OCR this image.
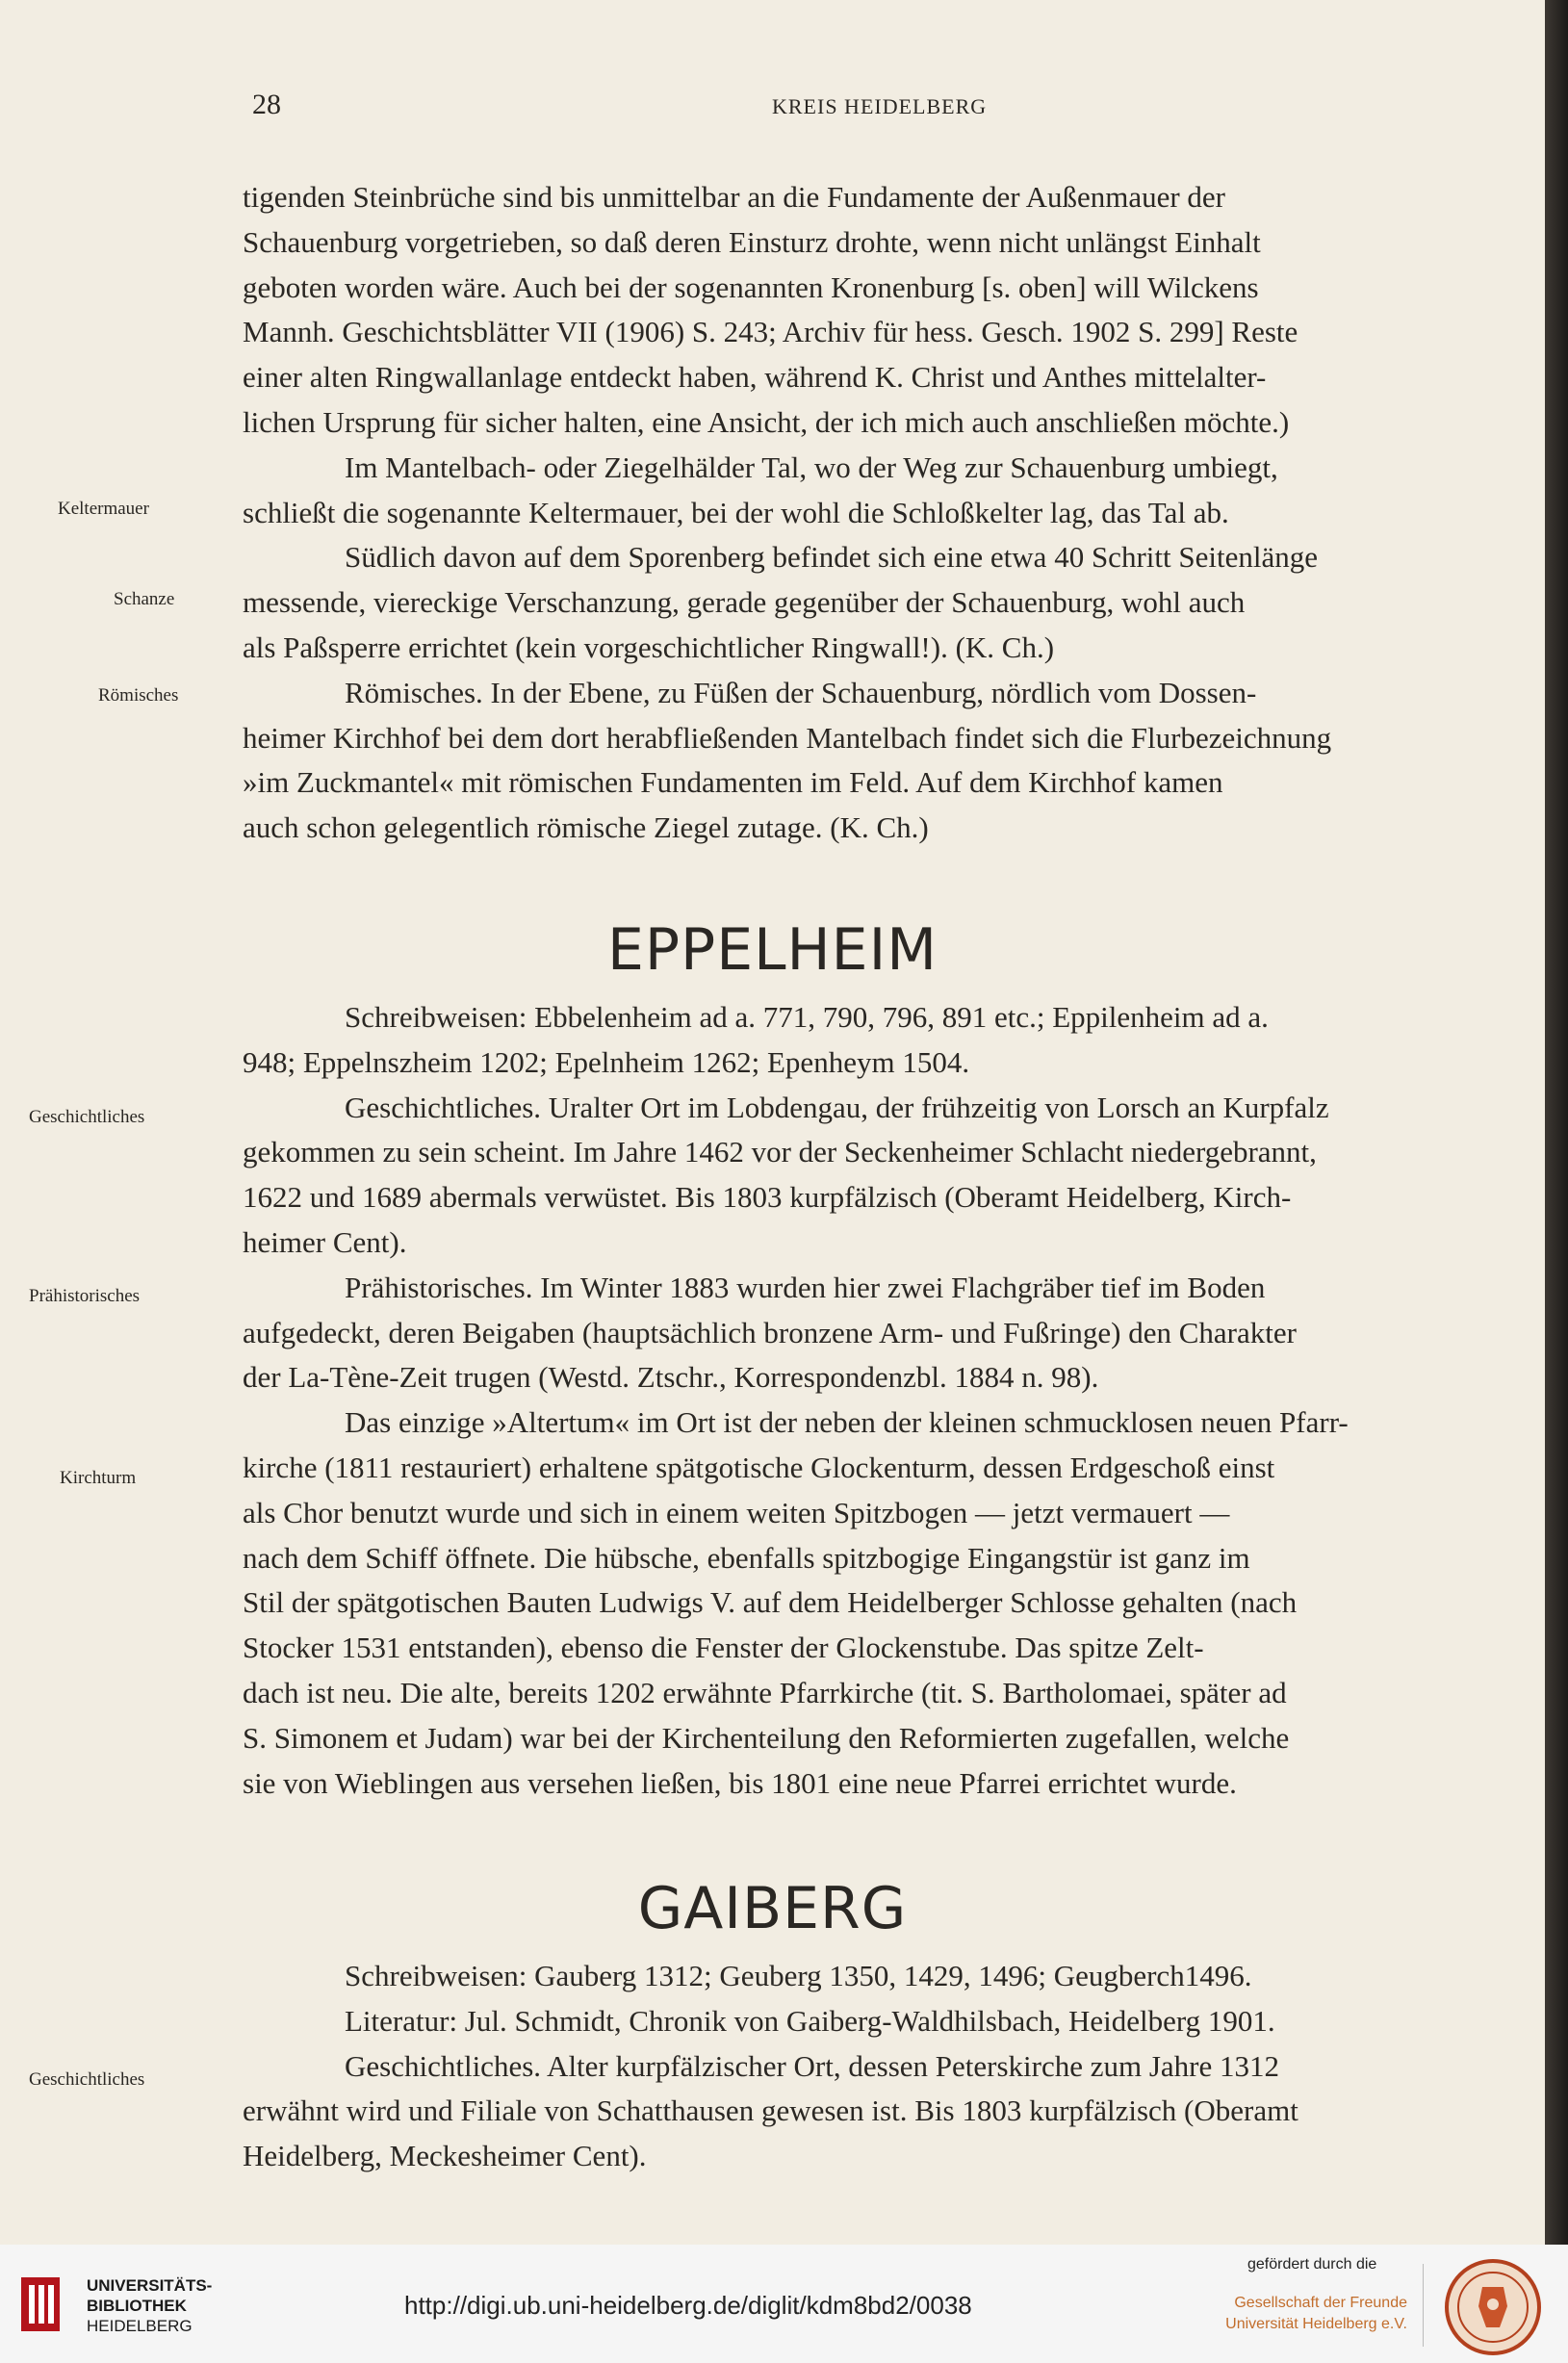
28	KREIS HEIDELBERG
Keltermauer
Schanze
Römisches
Geschichtliches
Prähistorisches
Kirchturm
Geschichtliches
tigenden Steinbrüche sind bis unmittelbar an die Fundamente der Außenmauer der
Schauenburg vorgetrieben, so daß deren Einsturz drohte, wenn nicht unlängst Einhalt
geboten worden wäre. Auch bei der sogenannten Kronenburg [s. oben] will Wilckens
Mannh. Geschichtsblätter VII (1906) S. 243; Archiv für hess. Gesch. 1902 S. 299] Reste
einer alten Ringwallanlage entdeckt haben, während K. Christ und Anthes mittelalter-
lichen Ursprung für sicher halten, eine Ansicht, der ich mich auch anschließen möchte.)
Im Mantelbach- oder Ziegelhälder Tal, wo der Weg zur Schauenburg umbiegt,
schließt die sogenannte Keltermauer, bei der wohl die Schloßkelter lag, das Tal ab.
Südlich davon auf dem Sporenberg befindet sich eine etwa 40 Schritt Seitenlänge
messende, viereckige Verschanzung, gerade gegenüber der Schauenburg, wohl auch
als Paßsperre errichtet (kein vorgeschichtlicher Ringwall!). (K. Ch.)
Römisches. In der Ebene, zu Füßen der Schauenburg, nördlich vom Dossen-
heimer Kirchhof bei dem dort herabfließenden Mantelbach findet sich die Flurbezeichnung
»im Zuckmantel« mit römischen Fundamenten im Feld. Auf dem Kirchhof kamen
auch schon gelegentlich römische Ziegel zutage. (K. Ch.)
EPPELHEIM
Schreibweisen: Ebbelenheim ad a. 771, 790, 796, 891 etc.; Eppilenheim ad a.
948; Eppelnszheim 1202; Epelnheim 1262; Epenheym 1504.
Geschichtliches. Uralter Ort im Lobdengau, der frühzeitig von Lorsch an Kurpfalz
gekommen zu sein scheint. Im Jahre 1462 vor der Seckenheimer Schlacht niedergebrannt,
1622 und 1689 abermals verwüstet. Bis 1803 kurpfälzisch (Oberamt Heidelberg, Kirch-
heimer Cent).
Prähistorisches. Im Winter 1883 wurden hier zwei Flachgräber tief im Boden
aufgedeckt, deren Beigaben (hauptsächlich bronzene Arm- und Fußringe) den Charakter
der La-Tène-Zeit trugen (Westd. Ztschr., Korrespondenzbl. 1884 n. 98).
Das einzige »Altertum« im Ort ist der neben der kleinen schmucklosen neuen Pfarr-
kirche (1811 restauriert) erhaltene spätgotische Glockenturm, dessen Erdgeschoß einst
als Chor benutzt wurde und sich in einem weiten Spitzbogen — jetzt vermauert —
nach dem Schiff öffnete. Die hübsche, ebenfalls spitzbogige Eingangstür ist ganz im
Stil der spätgotischen Bauten Ludwigs V. auf dem Heidelberger Schlosse gehalten (nach
Stocker 1531 entstanden), ebenso die Fenster der Glockenstube. Das spitze Zelt-
dach ist neu. Die alte, bereits 1202 erwähnte Pfarrkirche (tit. S. Bartholomaei, später ad
S. Simonem et Judam) war bei der Kirchenteilung den Reformierten zugefallen, welche
sie von Wieblingen aus versehen ließen, bis 1801 eine neue Pfarrei errichtet wurde.
GAIBERG
Schreibweisen: Gauberg 1312; Geuberg 1350, 1429, 1496; Geugberch1496.
Literatur: Jul. Schmidt, Chronik von Gaiberg-Waldhilsbach, Heidelberg 1901.
Geschichtliches. Alter kurpfälzischer Ort, dessen Peterskirche zum Jahre 1312
erwähnt wird und Filiale von Schatthausen gewesen ist. Bis 1803 kurpfälzisch (Oberamt
Heidelberg, Meckesheimer Cent).
UNIVERSITÄTS-
BIBLIOTHEK
HEIDELBERG
http://digi.ub.uni-heidelberg.de/diglit/kdm8bd2/0038
gefördert durch die
Gesellschaft der Freunde
Universität Heidelberg e.V.
